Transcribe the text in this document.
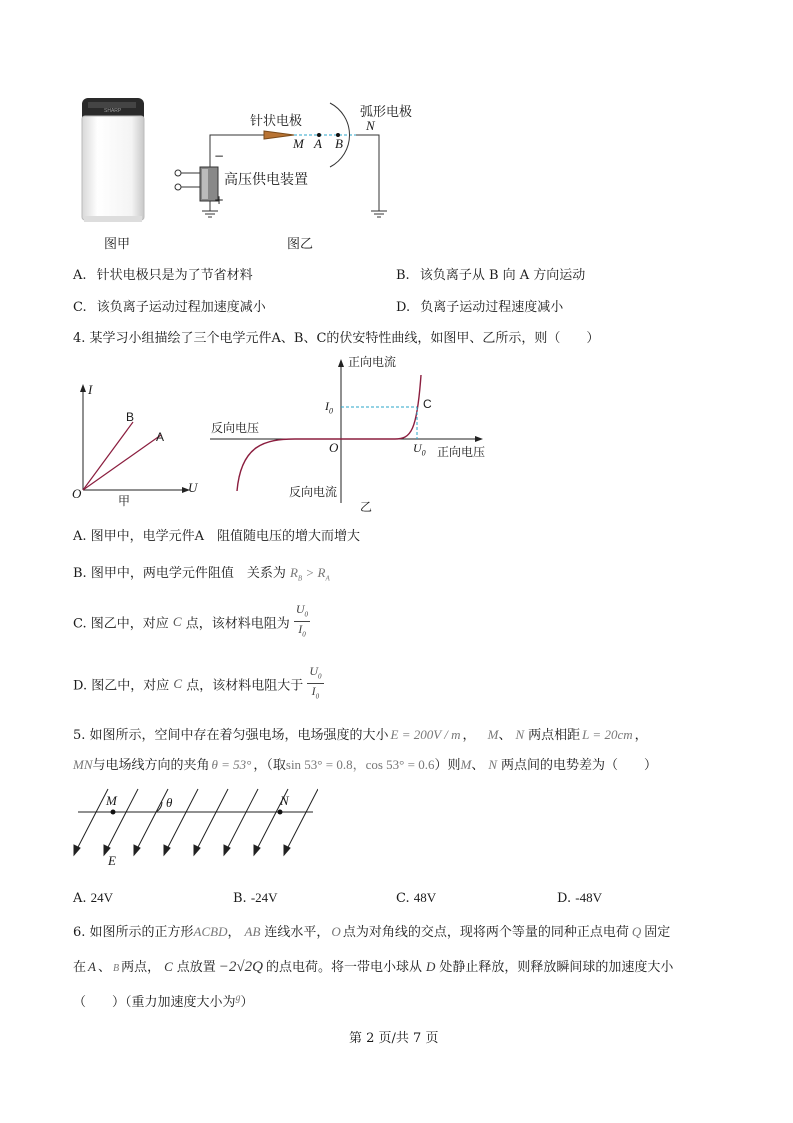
SHARP
针状电极
弧形电极
M A B
N
−
+
高压供电装置
图甲	图乙
A. 针状电极只是为了节省材料	B. 该负离子从 B 向 A 方向运动
C. 该负离子运动过程加速度减小	D. 负离子运动过程速度减小
4. 某学习小组描绘了三个电学元件A、B、C的伏安特性曲线，如图甲、乙所示，则（　　）
I
U
O
B
A
甲
正向电流
反向电压
正向电压
反向电流
O
$I_0$
$U_0$
C
乙
A. 图甲中，电学元件A　阻值随电压的增大而增大
B. 图甲中，两电学元件阻值　关系为 $R_B > R_A$
C. 图乙中，对应 C 点，该材料电阻为 $\frac{U_0}{I_0}$
D. 图乙中，对应 C 点，该材料电阻大于 $\frac{U_0}{I_0}$
5. 如图所示，空间中存在着匀强电场，电场强度的大小 E = 200V / m ， M、 N 两点相距 L = 20cm ，
MN与电场线方向的夹角 θ = 53° ，（取sin 53° = 0.8，cos 53° = 0.6）则M、 N 两点间的电势差为（　　）
M	N
θ
E
A. 24V	B. -24V	C. 48V	D. -48V
6. 如图所示的正方形ACBD， AB 连线水平， O 点为对角线的交点，现将两个等量的同种正点电荷 Q 固定
在 A 、 B 两点， C 点放置 −2√2Q 的点电荷。将一带电小球从 D 处静止释放，则释放瞬间球的加速度大小
（　　）（重力加速度大小为$^g$）
第 2 页/共 7 页
